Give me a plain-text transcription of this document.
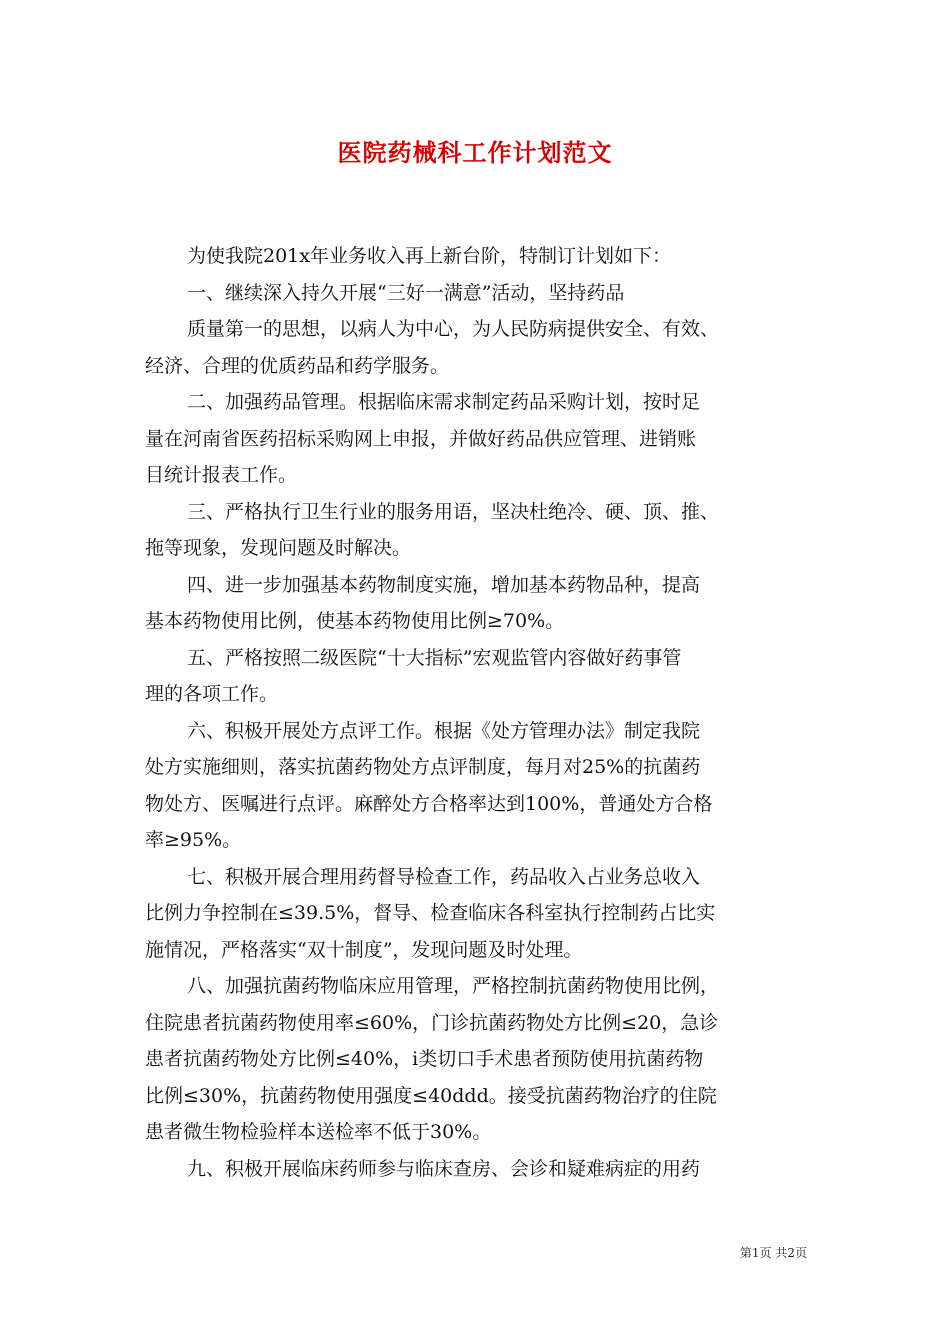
医院药械科工作计划范文
为使我院201x年业务收入再上新台阶，特制订计划如下：
一、继续深入持久开展“三好一满意”活动，坚持药品
质量第一的思想，以病人为中心，为人民防病提供安全、有效、
经济、合理的优质药品和药学服务。
二、加强药品管理。根据临床需求制定药品采购计划，按时足
量在河南省医药招标采购网上申报，并做好药品供应管理、进销账
目统计报表工作。
三、严格执行卫生行业的服务用语，坚决杜绝冷、硬、顶、推、
拖等现象，发现问题及时解决。
四、进一步加强基本药物制度实施，增加基本药物品种，提高
基本药物使用比例，使基本药物使用比例≥70%。
五、严格按照二级医院“十大指标”宏观监管内容做好药事管
理的各项工作。
六、积极开展处方点评工作。根据《处方管理办法》制定我院
处方实施细则，落实抗菌药物处方点评制度，每月对25%的抗菌药
物处方、医嘱进行点评。麻醉处方合格率达到100%，普通处方合格
率≥95%。
七、积极开展合理用药督导检查工作，药品收入占业务总收入
比例力争控制在≤39.5%，督导、检查临床各科室执行控制药占比实
施情况，严格落实“双十制度”，发现问题及时处理。
八、加强抗菌药物临床应用管理，严格控制抗菌药物使用比例，
住院患者抗菌药物使用率≤60%，门诊抗菌药物处方比例≤20，急诊
患者抗菌药物处方比例≤40%，ⅰ类切口手术患者预防使用抗菌药物
比例≤30%，抗菌药物使用强度≤40ddd。接受抗菌药物治疗的住院
患者微生物检验样本送检率不低于30%。
九、积极开展临床药师参与临床查房、会诊和疑难病症的用药
第1页 共2页
